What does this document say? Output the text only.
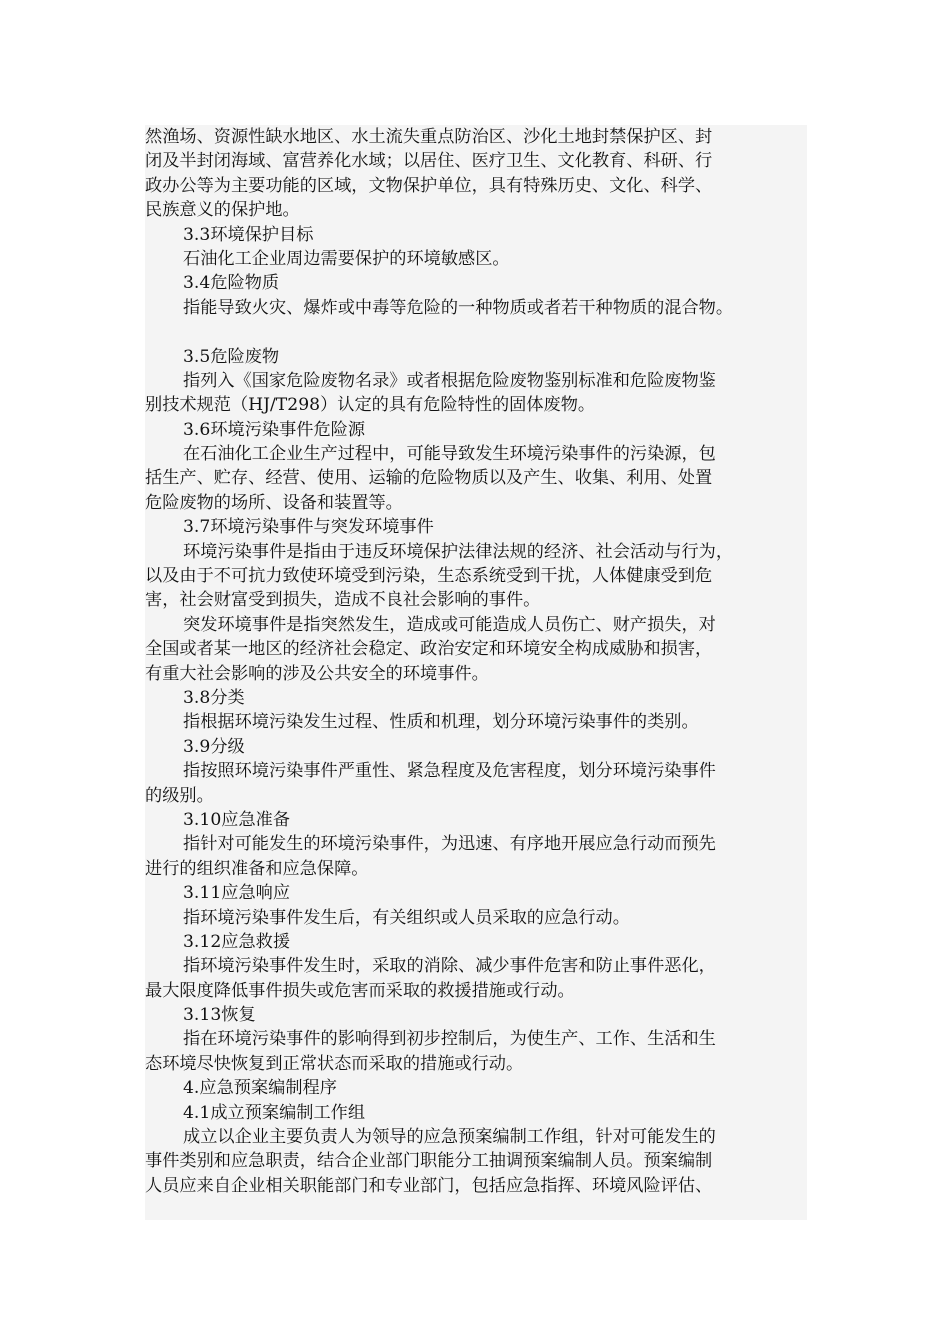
然渔场、资源性缺水地区、水土流失重点防治区、沙化土地封禁保护区、封
闭及半封闭海域、富营养化水域；以居住、医疗卫生、文化教育、科研、行
政办公等为主要功能的区域，文物保护单位，具有特殊历史、文化、科学、
民族意义的保护地。
3.3环境保护目标
石油化工企业周边需要保护的环境敏感区。
3.4危险物质
指能导致火灾、爆炸或中毒等危险的一种物质或者若干种物质的混合物。
3.5危险废物
指列入《国家危险废物名录》或者根据危险废物鉴别标准和危险废物鉴
别技术规范（HJ/T298）认定的具有危险特性的固体废物。
3.6环境污染事件危险源
在石油化工企业生产过程中，可能导致发生环境污染事件的污染源，包
括生产、贮存、经营、使用、运输的危险物质以及产生、收集、利用、处置
危险废物的场所、设备和装置等。
3.7环境污染事件与突发环境事件
环境污染事件是指由于违反环境保护法律法规的经济、社会活动与行为，
以及由于不可抗力致使环境受到污染，生态系统受到干扰，人体健康受到危
害，社会财富受到损失，造成不良社会影响的事件。
突发环境事件是指突然发生，造成或可能造成人员伤亡、财产损失，对
全国或者某一地区的经济社会稳定、政治安定和环境安全构成威胁和损害，
有重大社会影响的涉及公共安全的环境事件。
3.8分类
指根据环境污染发生过程、性质和机理，划分环境污染事件的类别。
3.9分级
指按照环境污染事件严重性、紧急程度及危害程度，划分环境污染事件
的级别。
3.10应急准备
指针对可能发生的环境污染事件，为迅速、有序地开展应急行动而预先
进行的组织准备和应急保障。
3.11应急响应
指环境污染事件发生后，有关组织或人员采取的应急行动。
3.12应急救援
指环境污染事件发生时，采取的消除、减少事件危害和防止事件恶化，
最大限度降低事件损失或危害而采取的救援措施或行动。
3.13恢复
指在环境污染事件的影响得到初步控制后，为使生产、工作、生活和生
态环境尽快恢复到正常状态而采取的措施或行动。
4.应急预案编制程序
4.1成立预案编制工作组
成立以企业主要负责人为领导的应急预案编制工作组，针对可能发生的
事件类别和应急职责，结合企业部门职能分工抽调预案编制人员。预案编制
人员应来自企业相关职能部门和专业部门，包括应急指挥、环境风险评估、
